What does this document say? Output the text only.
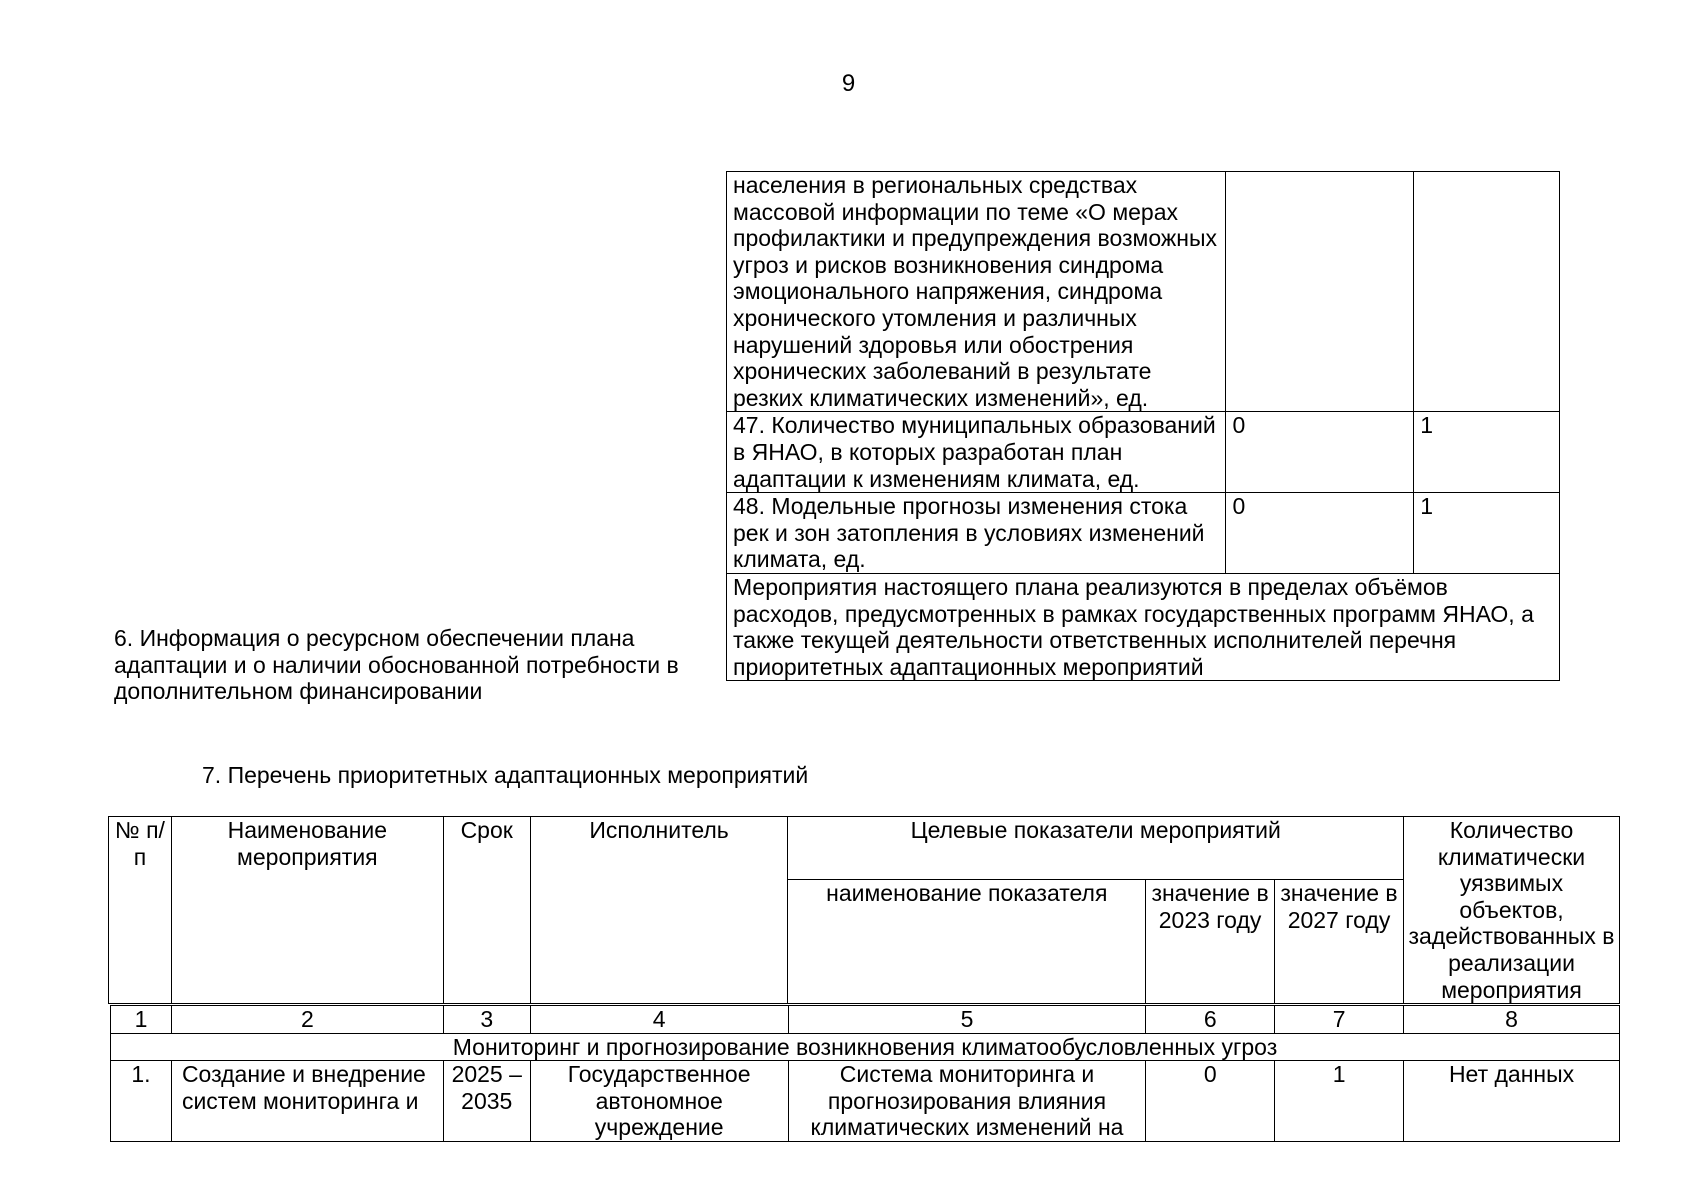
9
населения в региональных средствах массовой информации по теме «О мерах профилактики и предупреждения возможных угроз и рисков возникновения синдрома эмоционального напряжения, синдрома хронического утомления и различных нарушений здоровья или обострения хронических заболеваний в результате резких климатических изменений», ед.		
47. Количество муниципальных образований в ЯНАО, в которых разработан план адаптации к изменениям климата, ед.	0	1
48. Модельные прогнозы изменения стока рек и зон затопления в условиях изменений климата, ед.	0	1
Мероприятия настоящего плана реализуются в пределах объёмов расходов, предусмотренных в рамках государственных программ ЯНАО, а также текущей деятельности ответственных исполнителей перечня приоритетных адаптационных мероприятий		
6. Информация о ресурсном обеспечении плана адаптации и о наличии обоснованной потребности в дополнительном финансировании
7. Перечень приоритетных адаптационных мероприятий
№ п/п	Наименование мероприятия	Срок	Исполнитель	Целевые показатели мероприятий			Количество климатически уязвимых объектов, задействованных в реализации мероприятия
				наименование показателя	значение в 2023 году	значение в 2027 году	
1	2	3	4	5	6	7	8
Мониторинг и прогнозирование возникновения климатообусловленных угроз							
1.	Создание и внедрение систем мониторинга и	2025 – 2035	Государственное автономное учреждение	Система мониторинга и прогнозирования влияния климатических изменений на	0	1	Нет данных
